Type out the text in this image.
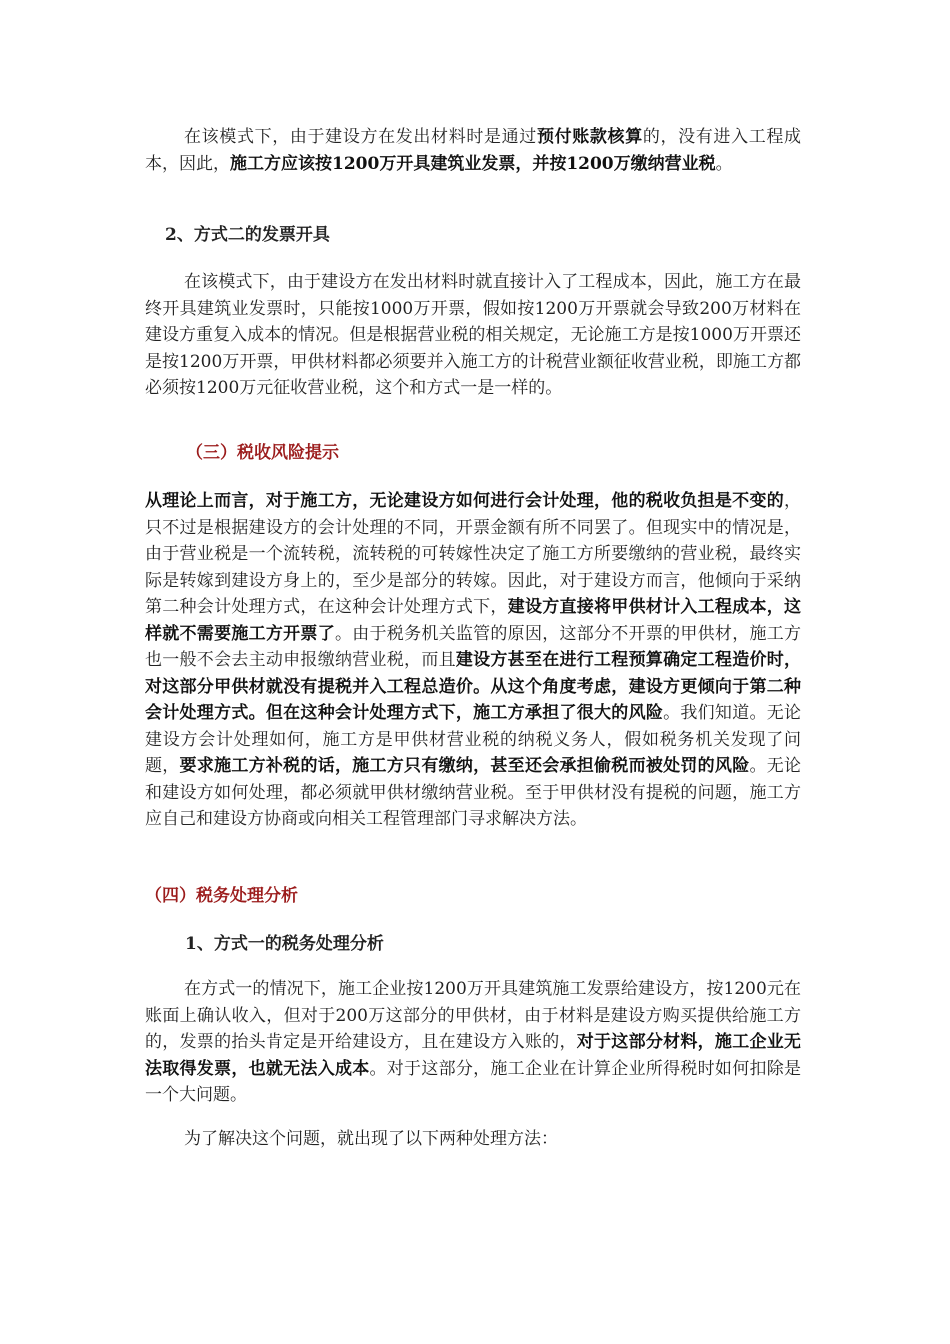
在该模式下，由于建设方在发出材料时是通过预付账款核算的，没有进入工程成本，因此，施工方应该按1200万开具建筑业发票，并按1200万缴纳营业税。

2、方式二的发票开具

在该模式下，由于建设方在发出材料时就直接计入了工程成本，因此，施工方在最终开具建筑业发票时，只能按1000万开票，假如按1200万开票就会导致200万材料在建设方重复入成本的情况。但是根据营业税的相关规定，无论施工方是按1000万开票还是按1200万开票，甲供材料都必须要并入施工方的计税营业额征收营业税，即施工方都必须按1200万元征收营业税，这个和方式一是一样的。

（三）税收风险提示

从理论上而言，对于施工方，无论建设方如何进行会计处理，他的税收负担是不变的，只不过是根据建设方的会计处理的不同，开票金额有所不同罢了。但现实中的情况是，由于营业税是一个流转税，流转税的可转嫁性决定了施工方所要缴纳的营业税，最终实际是转嫁到建设方身上的，至少是部分的转嫁。因此，对于建设方而言，他倾向于采纳第二种会计处理方式，在这种会计处理方式下，建设方直接将甲供材计入工程成本，这样就不需要施工方开票了。由于税务机关监管的原因，这部分不开票的甲供材，施工方也一般不会去主动申报缴纳营业税，而且建设方甚至在进行工程预算确定工程造价时，对这部分甲供材就没有提税并入工程总造价。从这个角度考虑，建设方更倾向于第二种会计处理方式。但在这种会计处理方式下，施工方承担了很大的风险。我们知道。无论建设方会计处理如何，施工方是甲供材营业税的纳税义务人，假如税务机关发现了问题，要求施工方补税的话，施工方只有缴纳，甚至还会承担偷税而被处罚的风险。无论和建设方如何处理，都必须就甲供材缴纳营业税。至于甲供材没有提税的问题，施工方应自己和建设方协商或向相关工程管理部门寻求解决方法。

（四）税务处理分析
1、方式一的税务处理分析

在方式一的情况下，施工企业按1200万开具建筑施工发票给建设方，按1200元在账面上确认收入，但对于200万这部分的甲供材，由于材料是建设方购买提供给施工方的，发票的抬头肯定是开给建设方，且在建设方入账的，对于这部分材料，施工企业无法取得发票，也就无法入成本。对于这部分，施工企业在计算企业所得税时如何扣除是一个大问题。

为了解决这个问题，就出现了以下两种处理方法：
